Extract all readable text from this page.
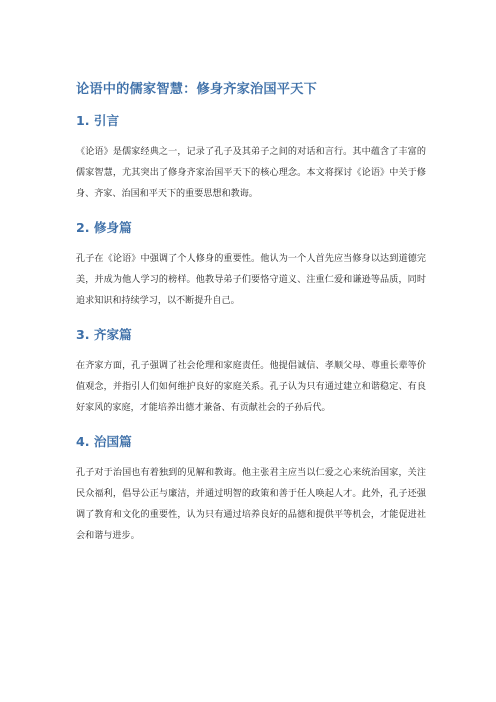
论语中的儒家智慧：修身齐家治国平天下
1. 引言

《论语》是儒家经典之一，记录了孔子及其弟子之间的对话和言行。其中蕴含了丰富的儒家智慧，尤其突出了修身齐家治国平天下的核心理念。本文将探讨《论语》中关于修身、齐家、治国和平天下的重要思想和教诲。

2. 修身篇

孔子在《论语》中强调了个人修身的重要性。他认为一个人首先应当修身以达到道德完美，并成为他人学习的榜样。他教导弟子们要恪守道义、注重仁爱和谦逊等品质，同时追求知识和持续学习，以不断提升自己。

3. 齐家篇

在齐家方面，孔子强调了社会伦理和家庭责任。他提倡诚信、孝顺父母、尊重长辈等价值观念，并指引人们如何维护良好的家庭关系。孔子认为只有通过建立和谐稳定、有良好家风的家庭，才能培养出德才兼备、有贡献社会的子孙后代。

4. 治国篇

孔子对于治国也有着独到的见解和教诲。他主张君主应当以仁爱之心来统治国家，关注民众福利，倡导公正与廉洁，并通过明智的政策和善于任人唤起人才。此外，孔子还强调了教育和文化的重要性，认为只有通过培养良好的品德和提供平等机会，才能促进社会和谐与进步。
